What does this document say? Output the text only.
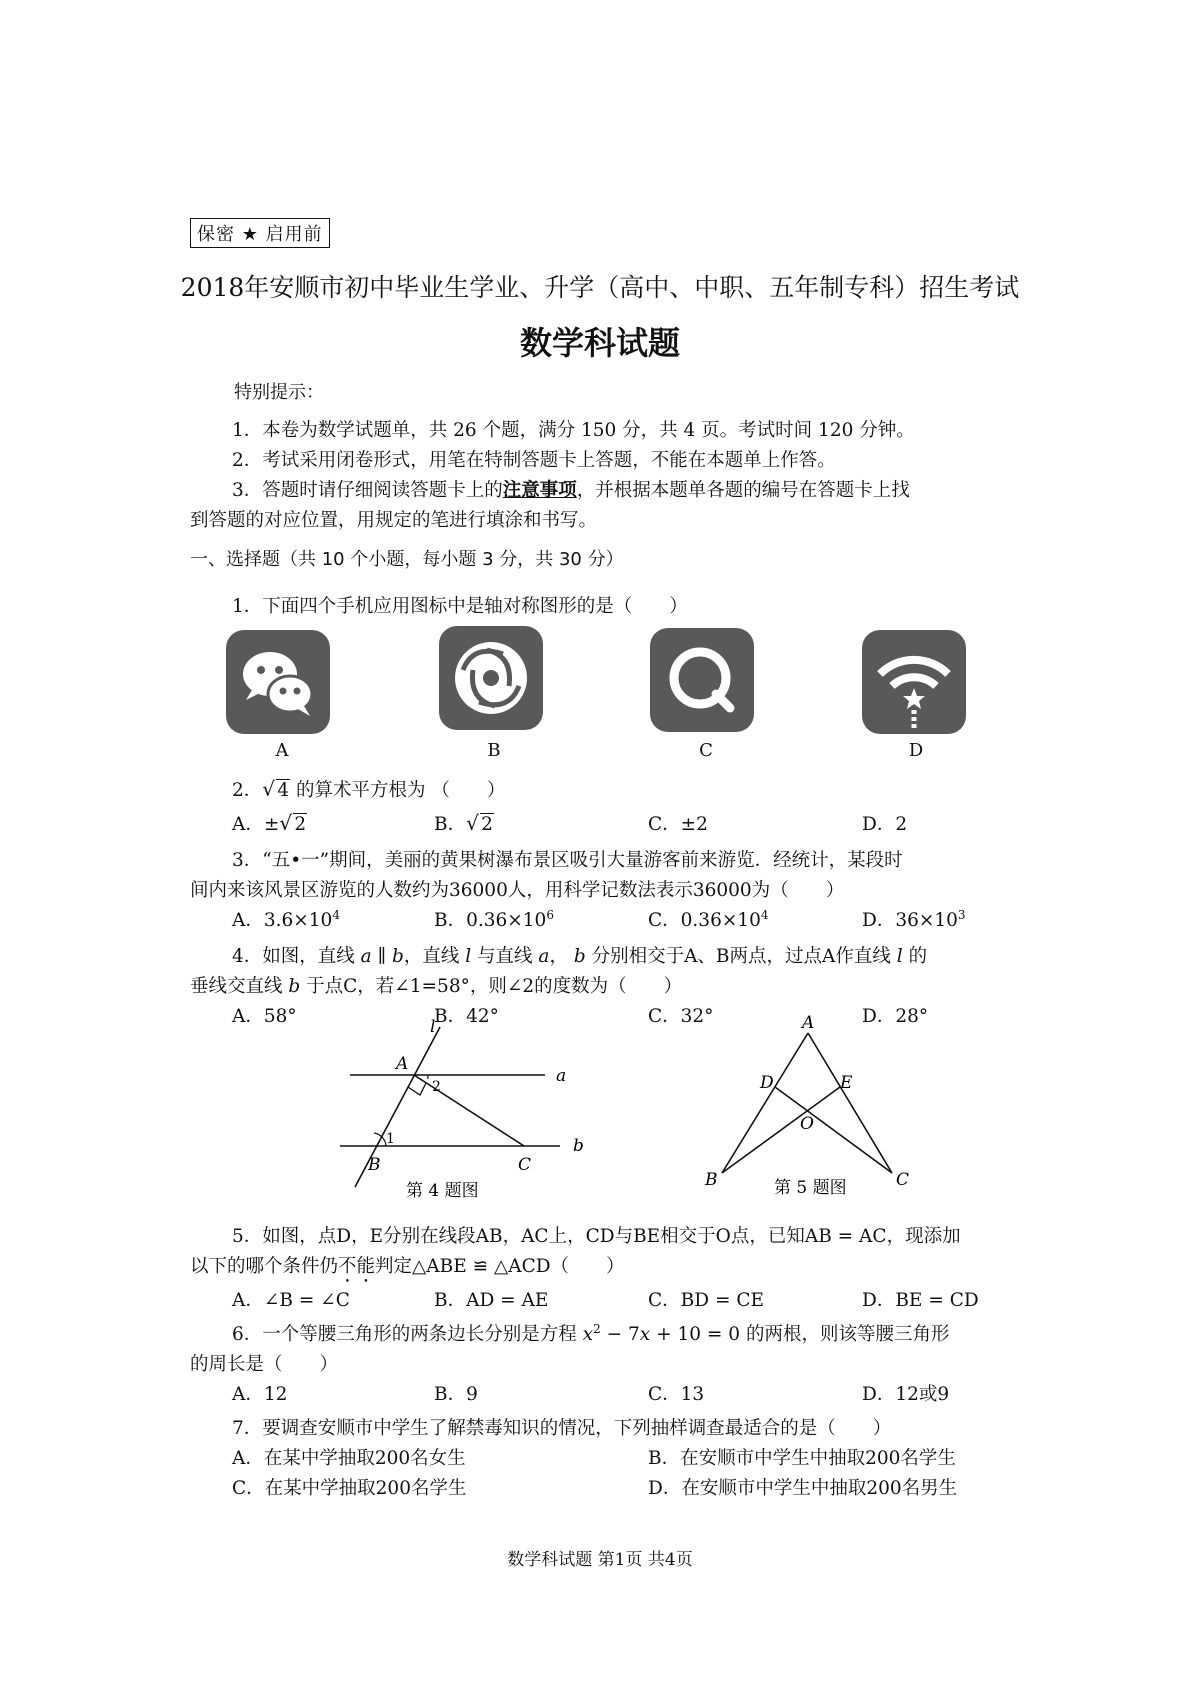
保密 ★ 启用前
2018年安顺市初中毕业生学业、升学（高中、中职、五年制专科）招生考试
数学科试题
特别提示：
1．本卷为数学试题单，共 26 个题，满分 150 分，共 4 页。考试时间 120 分钟。
2．考试采用闭卷形式，用笔在特制答题卡上答题，不能在本题单上作答。
3．答题时请仔细阅读答题卡上的注意事项，并根据本题单各题的编号在答题卡上找
到答题的对应位置，用规定的笔进行填涂和书写。
一、选择题（共 10 个小题，每小题 3 分，共 30 分）
1．下面四个手机应用图标中是轴对称图形的是（　　）
A	B	C	D
2． √ 4 的算术平方根为 （　　）
A．± √ 2	B． √ 2	C．±2	D．2
3．“五•一”期间，美丽的黄果树瀑布景区吸引大量游客前来游览．经统计，某段时
间内来该风景区游览的人数约为36000人，用科学记数法表示36000为（　　）
A．$3.6\times 10^4$	B．$0.36\times 10^6$	C．$0.36\times 10^4$	D．$36\times 10^3$
4．如图，直线 a ∥ b，直线 l 与直线 a， b 分别相交于A、B两点，过点A作直线 l 的
垂线交直线 b 于点C，若∠1=58°，则∠2的度数为（　　）
A．58°	B．42°	C．32°	D．28°
l
A
a
2
1
B	C
b
第 4 题图
A
D	E
O
B	C
第 5 题图
5．如图，点D，E分别在线段AB，AC上，CD与BE相交于O点，已知AB = AC，现添加
以下的哪个条件仍不能判定△ABE ≌ △ACD（　　）
A．∠B = ∠C	B．AD = AE	C．BD = CE	D．BE = CD
6．一个等腰三角形的两条边长分别是方程 $x^2 - 7x + 10 = 0$ 的两根，则该等腰三角形
的周长是（　　）
A．12	B．9	C．13	D．12或9
7．要调查安顺市中学生了解禁毒知识的情况，下列抽样调查最适合的是（　　）
A．在某中学抽取200名女生	B．在安顺市中学生中抽取200名学生
C．在某中学抽取200名学生	D．在安顺市中学生中抽取200名男生
数学科试题 第1页 共4页
